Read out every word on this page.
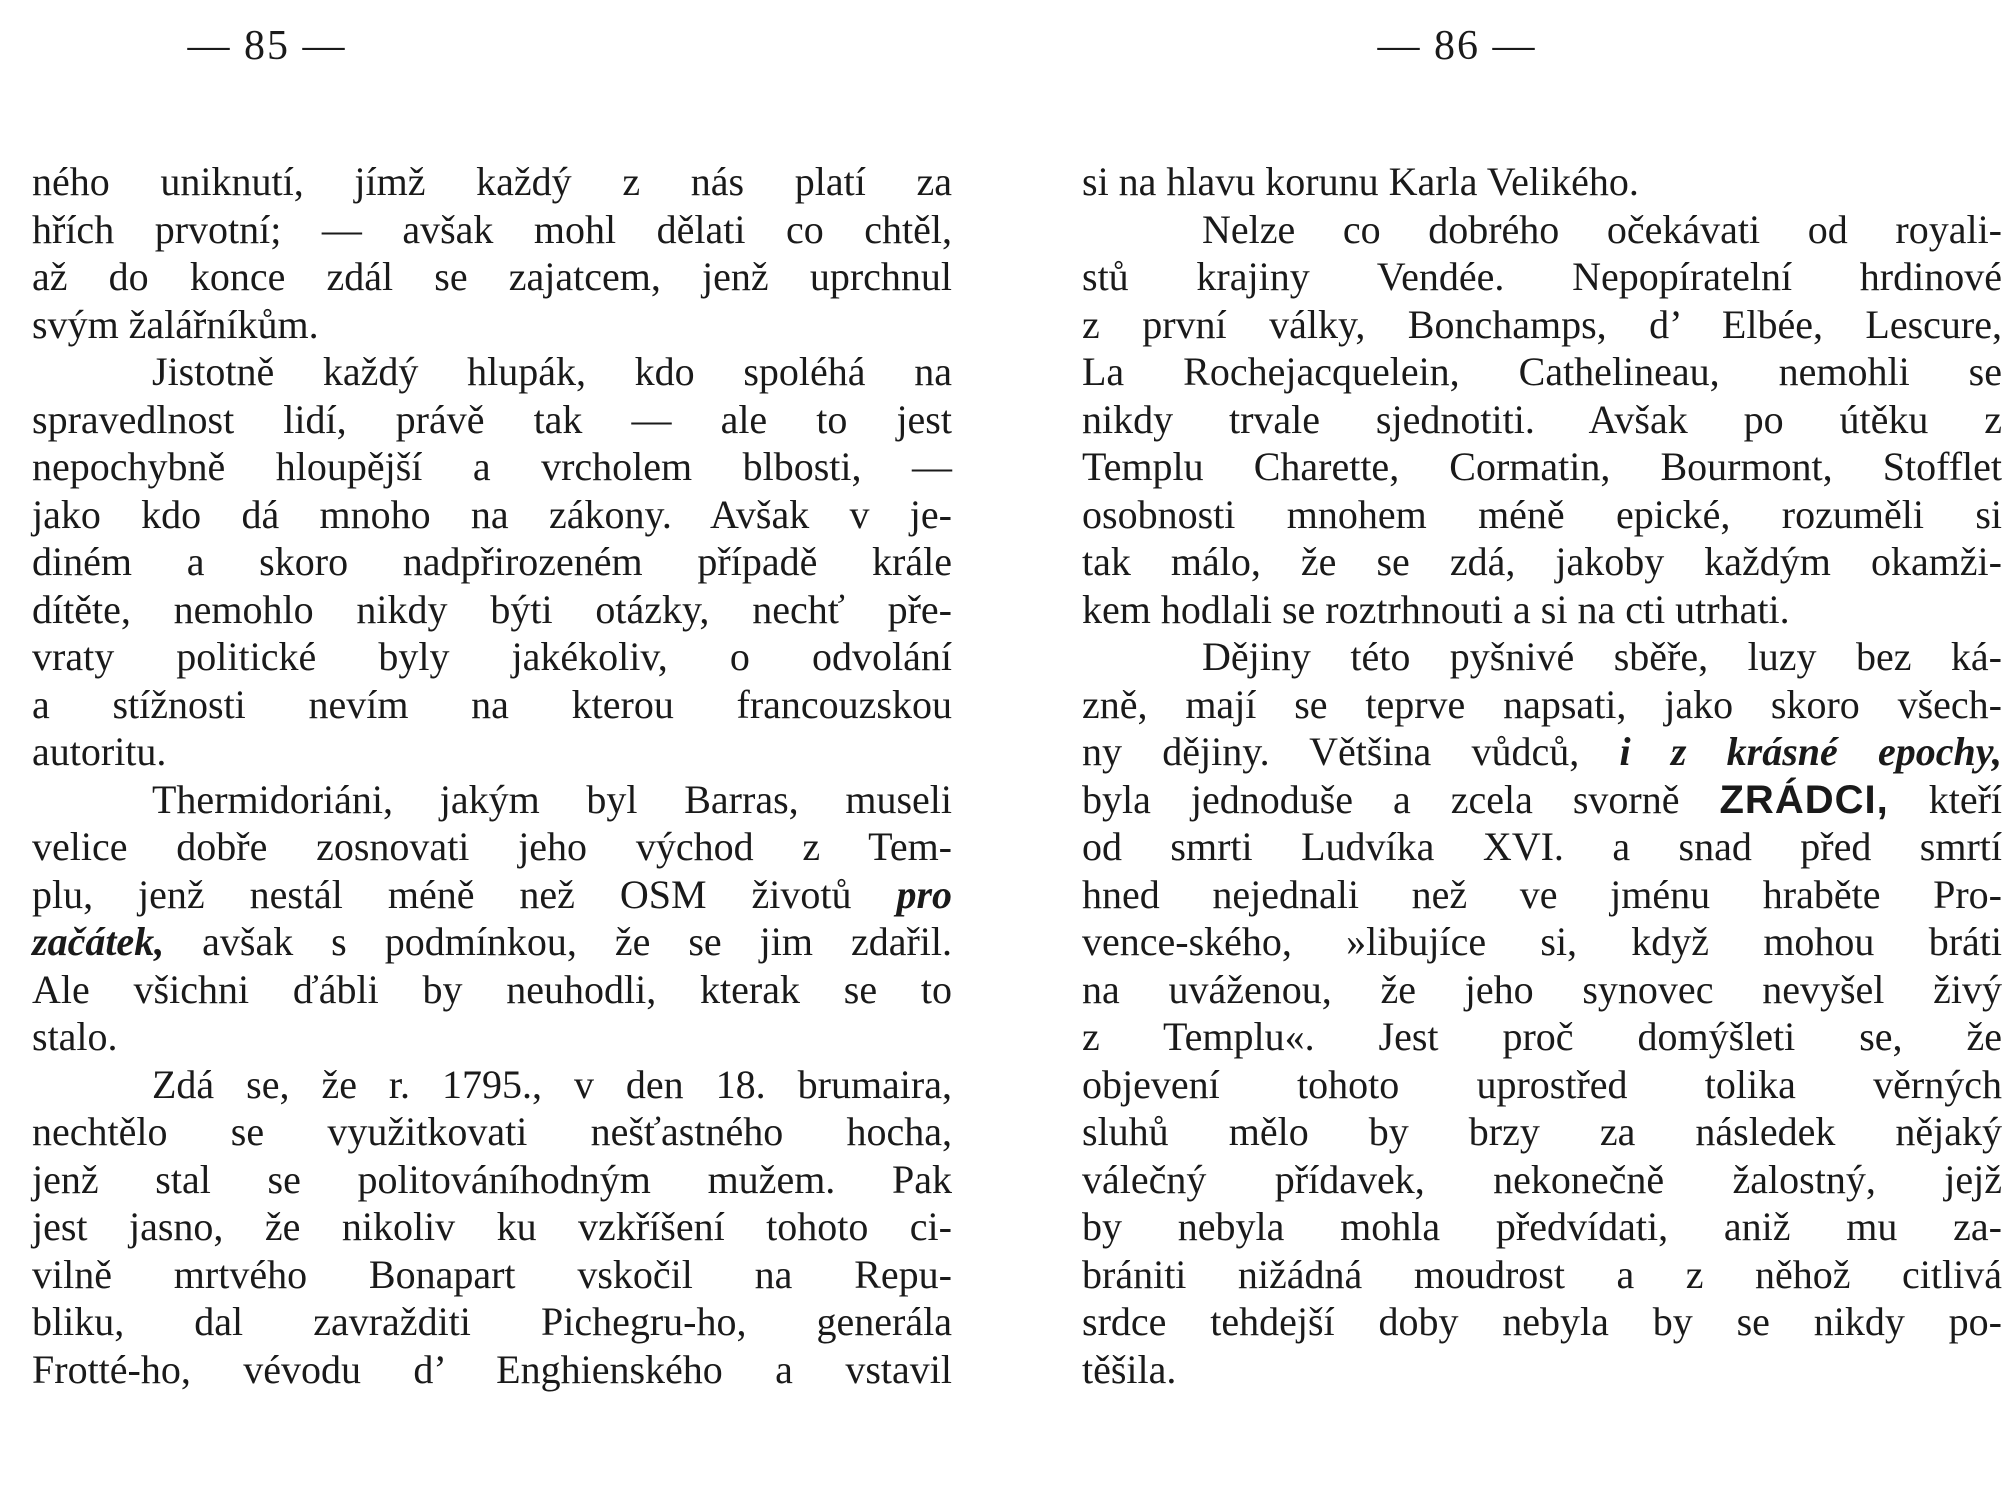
— 85 —
ného uniknutí, jímž každý z nás platí za
hřích prvotní; — avšak mohl dělati co chtěl,
až do konce zdál se zajatcem, jenž uprchnul
svým žalářníkům.
Jistotně každý hlupák, kdo spoléhá na
spravedlnost lidí, právě tak — ale to jest
nepochybně hloupější a vrcholem blbosti, —
jako kdo dá mnoho na zákony. Avšak v je-
diném a skoro nadpřirozeném případě krále
dítěte, nemohlo nikdy býti otázky, nechť pře-
vraty politické byly jakékoliv, o odvolání
a stížnosti nevím na kterou francouzskou
autoritu.
Thermidoriáni, jakým byl Barras, museli
velice dobře zosnovati jeho východ z Tem-
plu, jenž nestál méně než OSM životů pro
začátek, avšak s podmínkou, že se jim zdařil.
Ale všichni ďábli by neuhodli, kterak se to
stalo.
Zdá se, že r. 1795., v den 18. brumaira,
nechtělo se využitkovati nešťastného hocha,
jenž stal se politováníhodným mužem. Pak
jest jasno, že nikoliv ku vzkříšení tohoto ci-
vilně mrtvého Bonapart vskočil na Repu-
bliku, dal zavražditi Pichegru-ho, generála
Frotté-ho, vévodu d’ Enghienského a vstavil
— 86 —
si na hlavu korunu Karla Velikého.
Nelze co dobrého očekávati od royali-
stů krajiny Vendée. Nepopíratelní hrdinové
z první války, Bonchamps, d’ Elbée, Lescure,
La Rochejacquelein, Cathelineau, nemohli se
nikdy trvale sjednotiti. Avšak po útěku z
Templu Charette, Cormatin, Bourmont, Stofflet
osobnosti mnohem méně epické, rozuměli si
tak málo, že se zdá, jakoby každým okamži-
kem hodlali se roztrhnouti a si na cti utrhati.
Dějiny této pyšnivé sběře, luzy bez ká-
zně, mají se teprve napsati, jako skoro všech-
ny dějiny. Většina vůdců, i z krásné epochy,
byla jednoduše a zcela svorně ZRÁDCI, kteří
od smrti Ludvíka XVI. a snad před smrtí
hned nejednali než ve jménu hraběte Pro-
vence-ského, »libujíce si, když mohou bráti
na uváženou, že jeho synovec nevyšel živý
z Templu«. Jest proč domýšleti se, že
objevení tohoto uprostřed tolika věrných
sluhů mělo by brzy za následek nějaký
válečný přídavek, nekonečně žalostný, jejž
by nebyla mohla předvídati, aniž mu za-
brániti nižádná moudrost a z něhož citlivá
srdce tehdejší doby nebyla by se nikdy po-
těšila.
